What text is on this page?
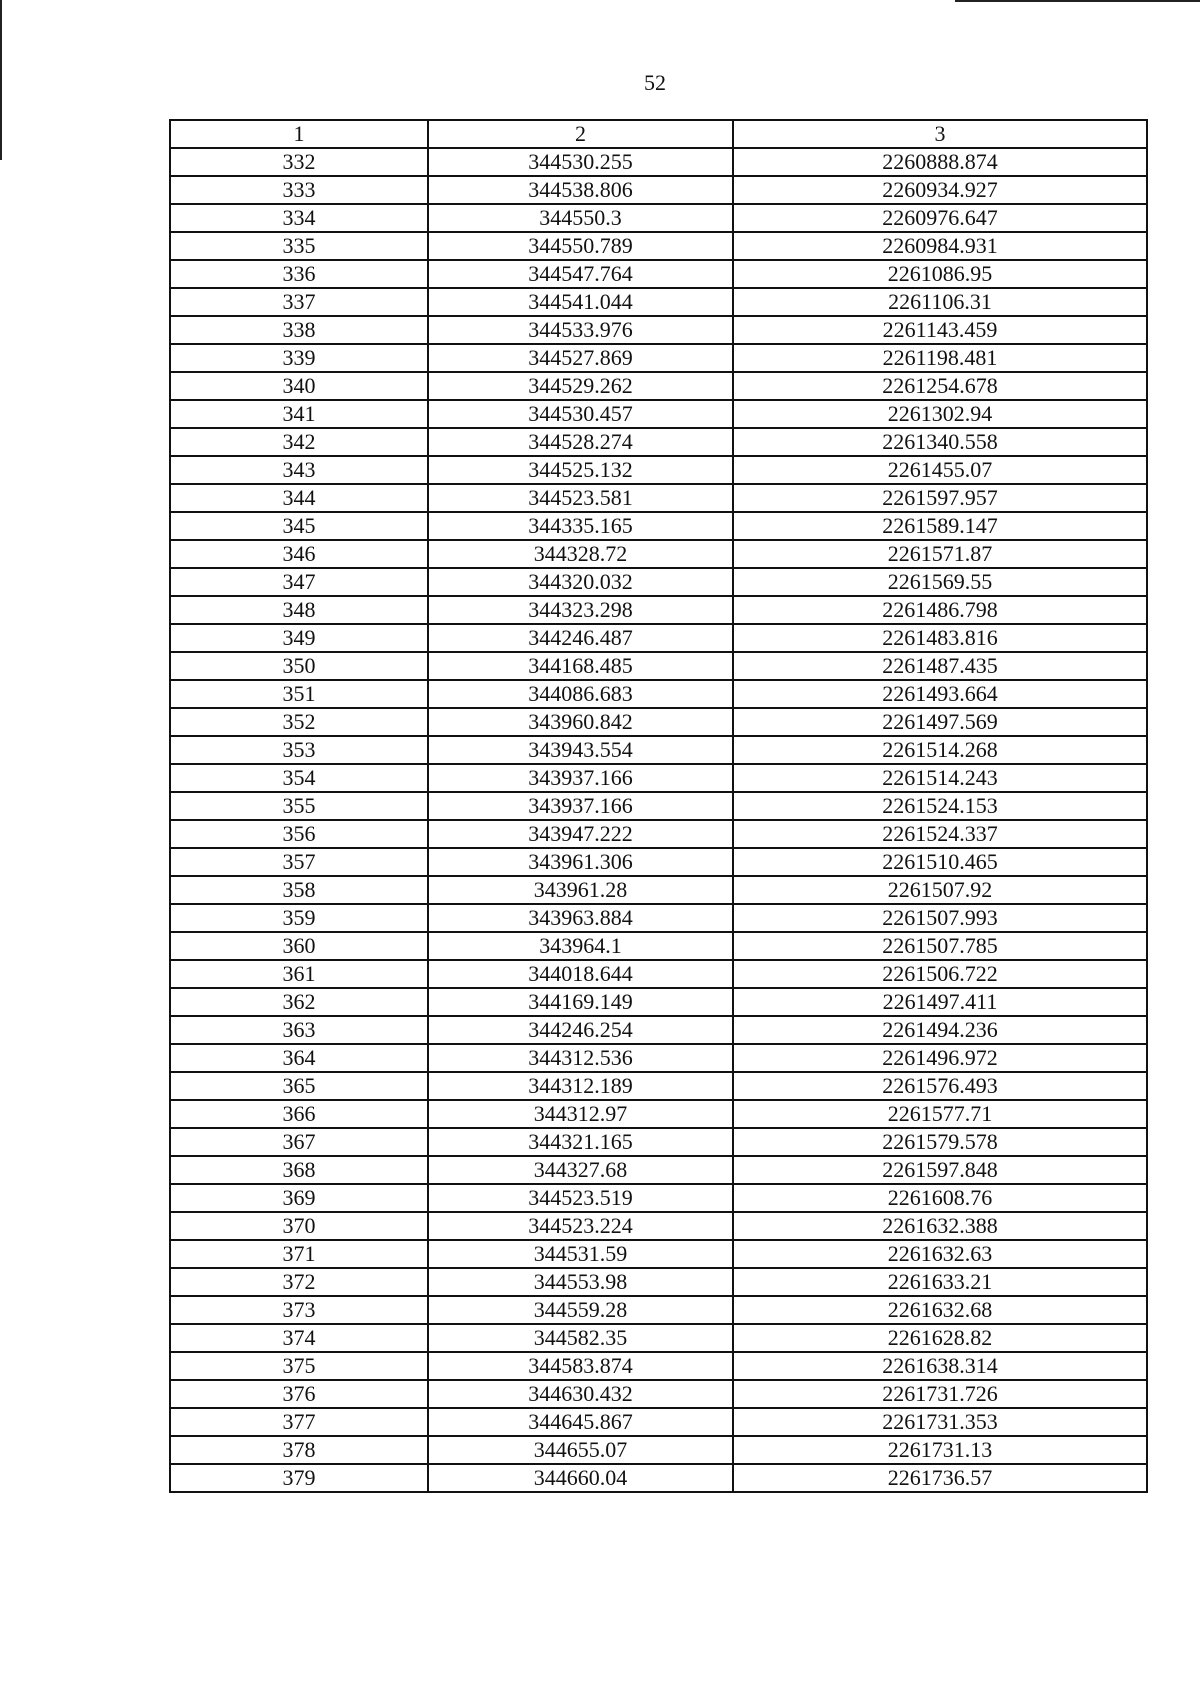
52
1	2	3
332	344530.255	2260888.874
333	344538.806	2260934.927
334	344550.3	2260976.647
335	344550.789	2260984.931
336	344547.764	2261086.95
337	344541.044	2261106.31
338	344533.976	2261143.459
339	344527.869	2261198.481
340	344529.262	2261254.678
341	344530.457	2261302.94
342	344528.274	2261340.558
343	344525.132	2261455.07
344	344523.581	2261597.957
345	344335.165	2261589.147
346	344328.72	2261571.87
347	344320.032	2261569.55
348	344323.298	2261486.798
349	344246.487	2261483.816
350	344168.485	2261487.435
351	344086.683	2261493.664
352	343960.842	2261497.569
353	343943.554	2261514.268
354	343937.166	2261514.243
355	343937.166	2261524.153
356	343947.222	2261524.337
357	343961.306	2261510.465
358	343961.28	2261507.92
359	343963.884	2261507.993
360	343964.1	2261507.785
361	344018.644	2261506.722
362	344169.149	2261497.411
363	344246.254	2261494.236
364	344312.536	2261496.972
365	344312.189	2261576.493
366	344312.97	2261577.71
367	344321.165	2261579.578
368	344327.68	2261597.848
369	344523.519	2261608.76
370	344523.224	2261632.388
371	344531.59	2261632.63
372	344553.98	2261633.21
373	344559.28	2261632.68
374	344582.35	2261628.82
375	344583.874	2261638.314
376	344630.432	2261731.726
377	344645.867	2261731.353
378	344655.07	2261731.13
379	344660.04	2261736.57
